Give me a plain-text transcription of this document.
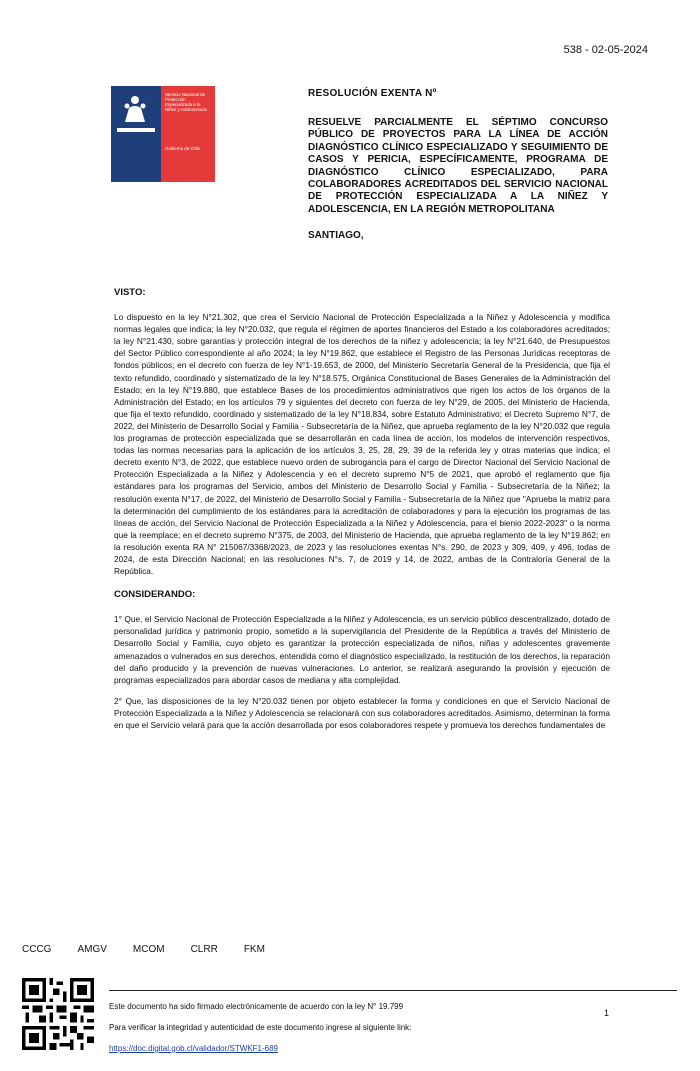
538 - 02-05-2024
Servicio Nacional de Protección Especializada a la Niñez y Adolescencia
Gobierno de Chile
RESOLUCIÓN EXENTA Nº
RESUELVE PARCIALMENTE EL SÉPTIMO CONCURSO PÚBLICO DE PROYECTOS PARA LA LÍNEA DE ACCIÓN DIAGNÓSTICO CLÍNICO ESPECIALIZADO Y SEGUIMIENTO DE CASOS Y PERICIA, ESPECÍFICAMENTE, PROGRAMA DE DIAGNÓSTICO CLÍNICO ESPECIALIZADO, PARA COLABORADORES ACREDITADOS DEL SERVICIO NACIONAL DE PROTECCIÓN ESPECIALIZADA A LA NIÑEZ Y ADOLESCENCIA, EN LA REGIÓN METROPOLITANA
SANTIAGO,
VISTO:

Lo dispuesto en la ley N°21.302, que crea el Servicio Nacional de Protección Especializada a la Niñez y Adolescencia y modifica normas legales que indica; la ley N°20.032, que regula el régimen de aportes financieros del Estado a los colaboradores acreditados; la ley N°21.430, sobre garantías y protección integral de los derechos de la niñez y adolescencia; la ley N°21.640, de Presupuestos del Sector Público correspondiente al año 2024; la ley N°19.862, que establece el Registro de las Personas Jurídicas receptoras de fondos públicos; en el decreto con fuerza de ley N°1-19.653, de 2000, del Ministerio Secretaría General de la Presidencia, que fija el texto refundido, coordinado y sistematizado de la ley N°18.575, Orgánica Constitucional de Bases Generales de la Administración del Estado; en la ley N°19.880, que establece Bases de los procedimientos administrativos que rigen los actos de los órganos de la Administración del Estado; en los artículos 79 y siguientes del decreto con fuerza de ley N°29, de 2005, del Ministerio de Hacienda, que fija el texto refundido, coordinado y sistematizado de la ley N°18.834, sobre Estatuto Administrativo; el Decreto Supremo N°7, de 2022, del Ministerio de Desarrollo Social y Familia - Subsecretaría de la Niñez, que aprueba reglamento de la ley N°20.032 que regula los programas de protección especializada que se desarrollarán en cada línea de acción, los modelos de intervención respectivos, todas las normas necesarias para la aplicación de los artículos 3, 25, 28, 29, 39 de la referida ley y otras materias que indica; el decreto exento N°3, de 2022, que establece nuevo orden de subrogancia para el cargo de Director Nacional del Servicio Nacional de Protección Especializada a la Niñez y Adolescencia y en el decreto supremo N°5 de 2021, que aprobó el reglamento que fija estándares para los programas del Servicio, ambos del Ministerio de Desarrollo Social y Familia - Subsecretaría de la Niñez; la resolución exenta N°17, de 2022, del Ministerio de Desarrollo Social y Familia - Subsecretaría de la Niñez que "Aprueba la matriz para la determinación del cumplimiento de los estándares para la acreditación de colaboradores y para la ejecución los programas de las líneas de acción, del Servicio Nacional de Protección Especializada a la Niñez y Adolescencia, para el bienio 2022-2023" o la norma que la reemplace; en el decreto supremo N°375, de 2003, del Ministerio de Hacienda, que aprueba reglamento de la ley N°19.862; en la resolución exenta RA N° 215067/3368/2023, de 2023 y las resoluciones exentas N°s. 290, de 2023 y 309, 409, y 496, todas de 2024, de esta Dirección Nacional; en las resoluciones N°s. 7, de 2019 y 14, de 2022, ambas de la Contraloría General de la República.

CONSIDERANDO:

1° Que, el Servicio Nacional de Protección Especializada a la Niñez y Adolescencia, es un servicio público descentralizado, dotado de personalidad jurídica y patrimonio propio, sometido a la supervigilancia del Presidente de la República a través del Ministerio de Desarrollo Social y Familia, cuyo objeto es garantizar la protección especializada de niños, niñas y adolescentes gravemente amenazados o vulnerados en sus derechos, entendida como el diagnóstico especializado, la restitución de los derechos, la reparación del daño producido y la prevención de nuevas vulneraciones. Lo anterior, se realizará asegurando la provisión y ejecución de programas especializados para abordar casos de mediana y alta complejidad.

2° Que, las disposiciones de la ley N°20.032 tienen por objeto establecer la forma y condiciones en que el Servicio Nacional de Protección Especializada a la Niñez y Adolescencia se relacionará con sus colaboradores acreditados. Asimismo, determinan la forma en que el Servicio velará para que la acción desarrollada por esos colaboradores respete y promueva los derechos fundamentales de

CCCG	AMGV	MCOM	CLRR	FKM
Este documento ha sido firmado electrónicamente de acuerdo con la ley N° 19.799
Para verificar la integridad y autenticidad de este documento ingrese al siguiente link:
https://doc.digital.gob.cl/validador/STWKF1-689
1
